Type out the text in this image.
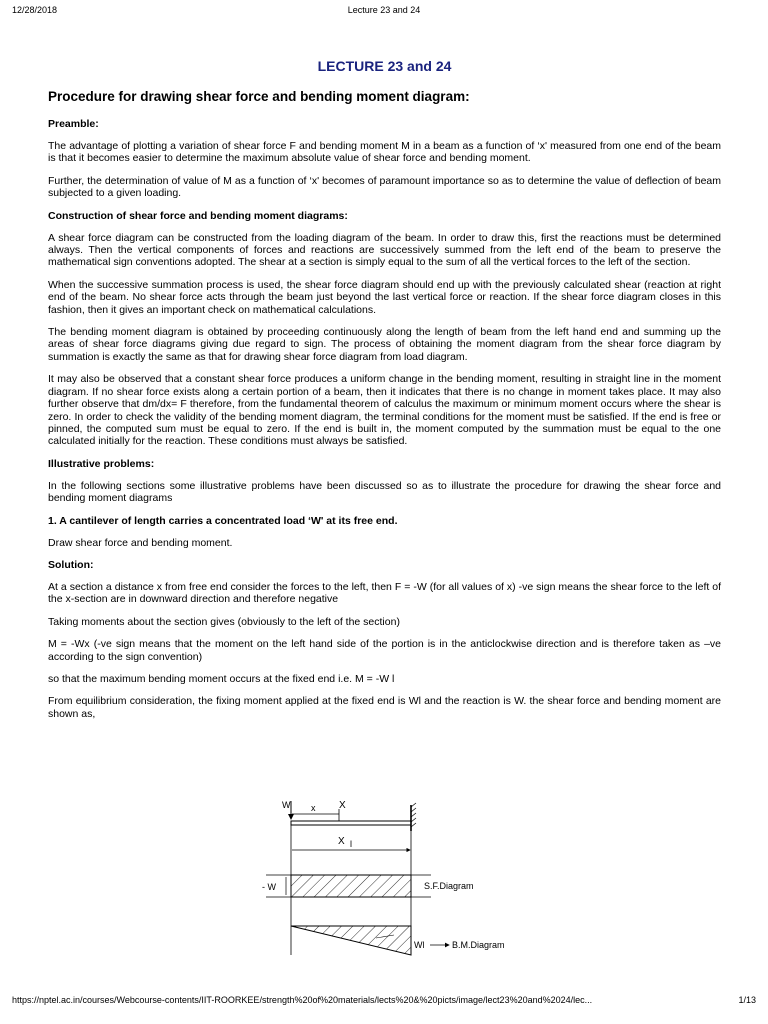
12/28/2018	Lecture 23 and 24
LECTURE 23 and 24
Procedure for drawing shear force and bending moment diagram:
Preamble:
The advantage of plotting a variation of shear force F and bending moment M in a beam as a function of ‘x' measured from one end of the beam is that it becomes easier to determine the maximum absolute value of shear force and bending moment.
Further, the determination of value of M as a function of ‘x' becomes of paramount importance so as to determine the value of deflection of beam subjected to a given loading.
Construction of shear force and bending moment diagrams:
A shear force diagram can be constructed from the loading diagram of the beam. In order to draw this, first the reactions must be determined always. Then the vertical components of forces and reactions are successively summed from the left end of the beam to preserve the mathematical sign conventions adopted. The shear at a section is simply equal to the sum of all the vertical forces to the left of the section.
When the successive summation process is used, the shear force diagram should end up with the previously calculated shear (reaction at right end of the beam. No shear force acts through the beam just beyond the last vertical force or reaction. If the shear force diagram closes in this fashion, then it gives an important check on mathematical calculations.
The bending moment diagram is obtained by proceeding continuously along the length of beam from the left hand end and summing up the areas of shear force diagrams giving due regard to sign. The process of obtaining the moment diagram from the shear force diagram by summation is exactly the same as that for drawing shear force diagram from load diagram.
It may also be observed that a constant shear force produces a uniform change in the bending moment, resulting in straight line in the moment diagram. If no shear force exists along a certain portion of a beam, then it indicates that there is no change in moment takes place. It may also further observe that dm/dx= F therefore, from the fundamental theorem of calculus the maximum or minimum moment occurs where the shear is zero. In order to check the validity of the bending moment diagram, the terminal conditions for the moment must be satisfied. If the end is free or pinned, the computed sum must be equal to zero. If the end is built in, the moment computed by the summation must be equal to the one calculated initially for the reaction. These conditions must always be satisfied.
Illustrative problems:
In the following sections some illustrative problems have been discussed so as to illustrate the procedure for drawing the shear force and bending moment diagrams
1. A cantilever of length carries a concentrated load ‘W' at its free end.
Draw shear force and bending moment.
Solution:
At a section a distance x from free end consider the forces to the left, then F = -W (for all values of x) -ve sign means the shear force to the left of the x-section are in downward direction and therefore negative
Taking moments about the section gives (obviously to the left of the section)
M = -Wx (-ve sign means that the moment on the left hand side of the portion is in the anticlockwise direction and is therefore taken as –ve according to the sign convention)
so that the maximum bending moment occurs at the fixed end i.e. M = -W l
From equilibrium consideration, the fixing moment applied at the fixed end is Wl and the reaction is W. the shear force and bending moment are shown as,
W x X
X l
- W	S.F.Diagram
Wl	B.M.Diagram
https://nptel.ac.in/courses/Webcourse-contents/IIT-ROORKEE/strength%20of%20materials/lects%20&%20picts/image/lect23%20and%2024/lec...	1/13
